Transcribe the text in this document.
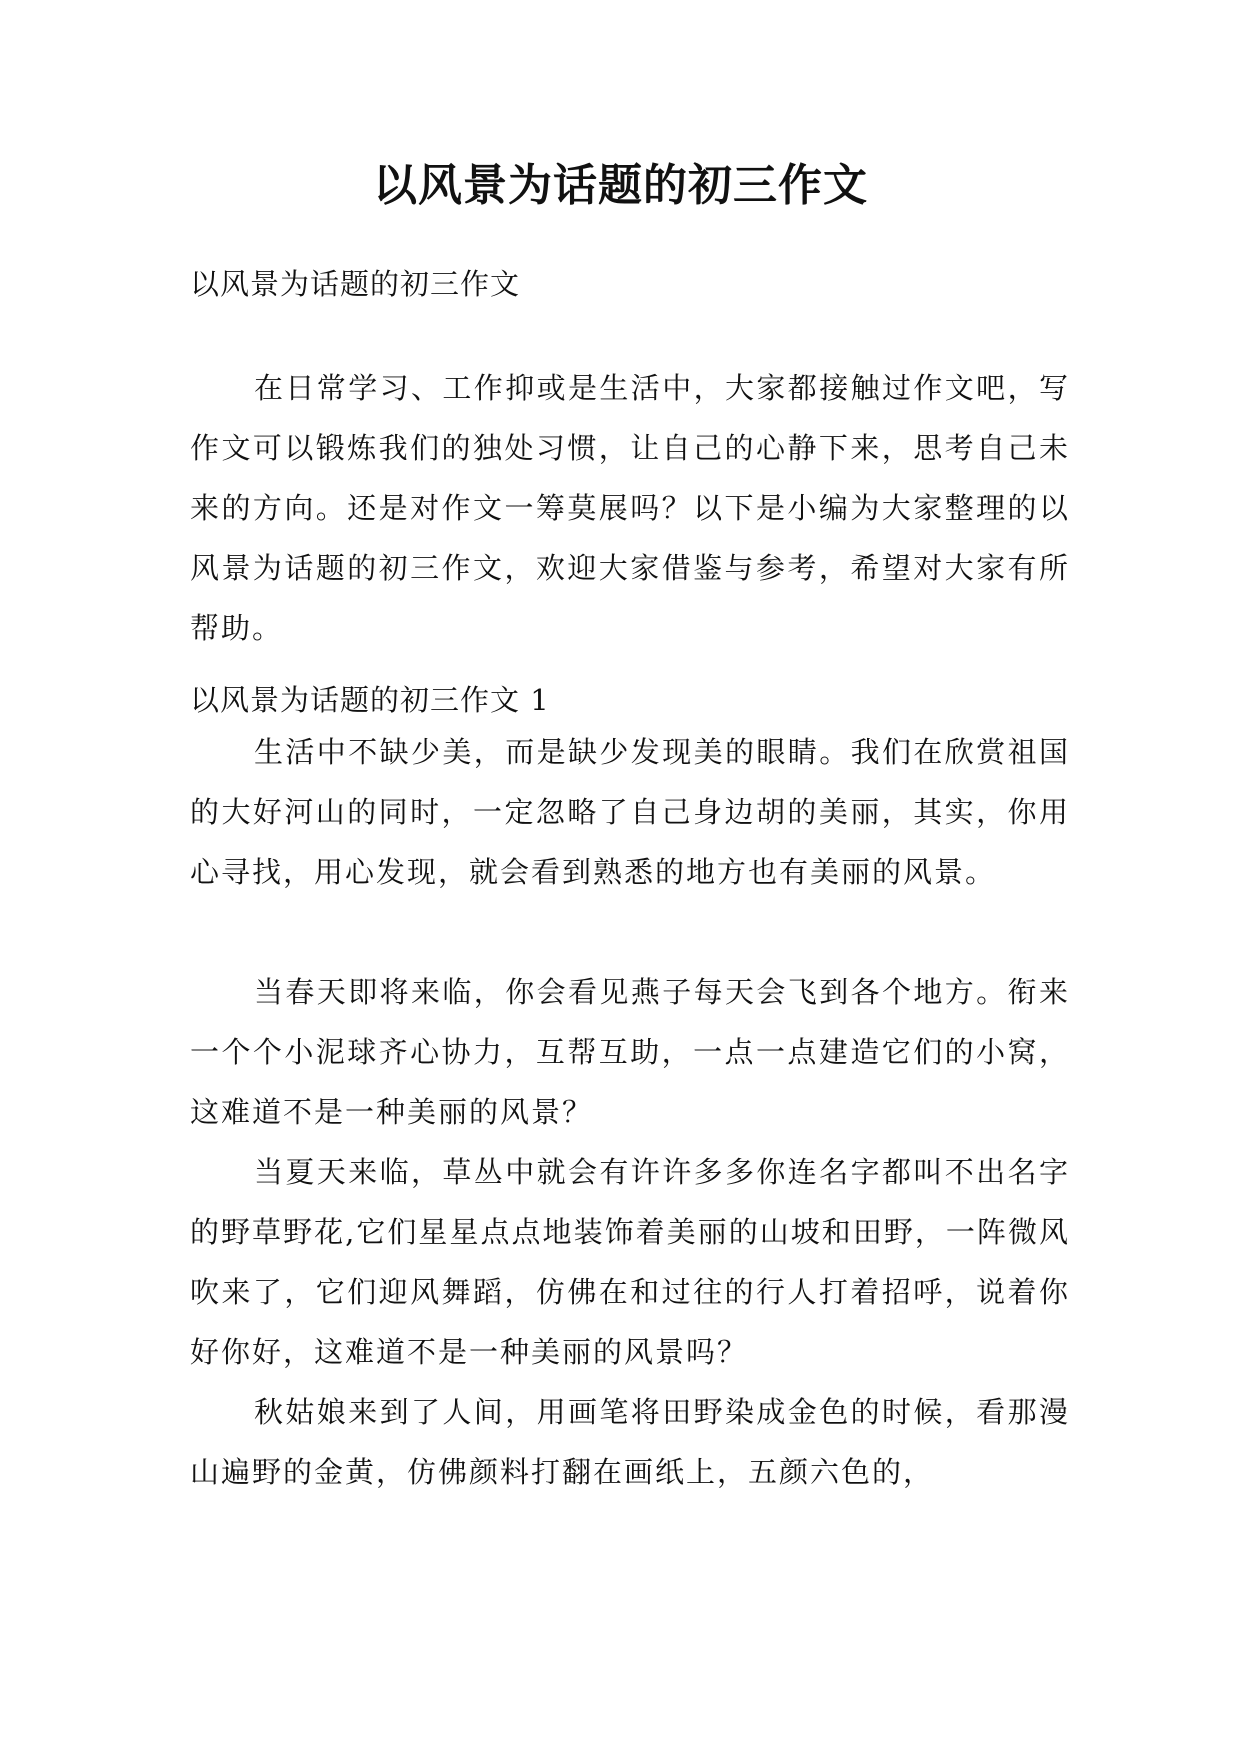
以风景为话题的初三作文

以风景为话题的初三作文

在日常学习、工作抑或是生活中，大家都接触过作文吧，写作文可以锻炼我们的独处习惯，让自己的心静下来，思考自己未来的方向。还是对作文一筹莫展吗？以下是小编为大家整理的以风景为话题的初三作文，欢迎大家借鉴与参考，希望对大家有所帮助。

以风景为话题的初三作文 1

生活中不缺少美，而是缺少发现美的眼睛。我们在欣赏祖国的大好河山的同时，一定忽略了自己身边胡的美丽，其实，你用心寻找，用心发现，就会看到熟悉的地方也有美丽的风景。

当春天即将来临，你会看见燕子每天会飞到各个地方。衔来一个个小泥球齐心协力，互帮互助，一点一点建造它们的小窝，这难道不是一种美丽的风景？

当夏天来临，草丛中就会有许许多多你连名字都叫不出名字的野草野花,它们星星点点地装饰着美丽的山坡和田野，一阵微风吹来了，它们迎风舞蹈，仿佛在和过往的行人打着招呼，说着你好你好，这难道不是一种美丽的风景吗？

秋姑娘来到了人间，用画笔将田野染成金色的时候，看那漫山遍野的金黄，仿佛颜料打翻在画纸上，五颜六色的，
